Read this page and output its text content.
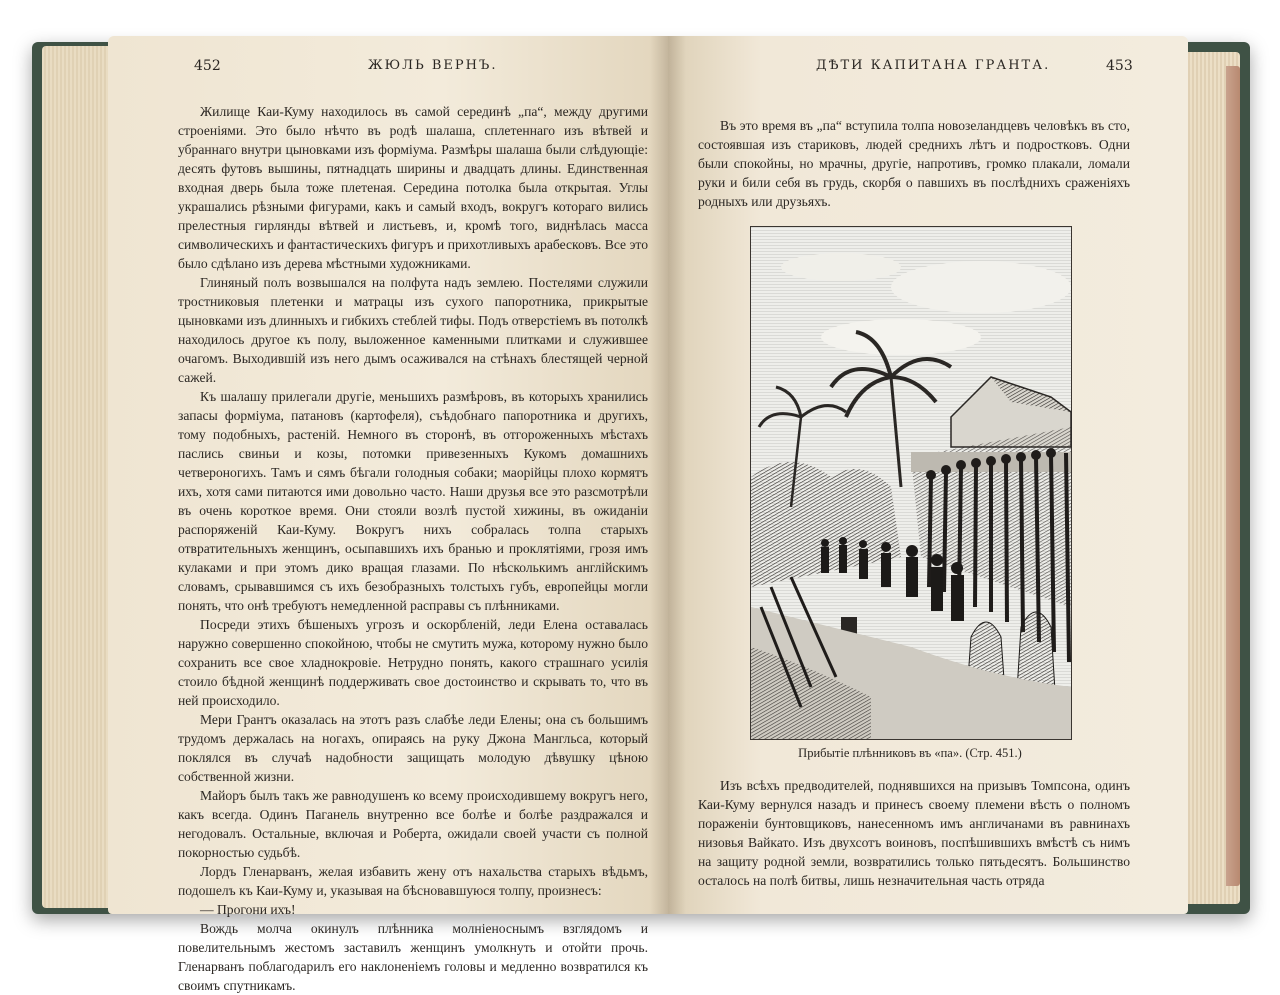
452	ЖЮЛЬ ВЕРНЪ.

Жилище Каи-Куму находилось въ самой серединѣ „па“, между другими строеніями. Это было нѣчто въ родѣ шалаша, сплетеннаго изъ вѣтвей и убраннаго внутри цыновками изъ форміума. Размѣры шалаша были слѣдующіе: десять футовъ вышины, пятнадцать ширины и двадцать длины. Единственная входная дверь была тоже плетеная. Середина потолка была открытая. Углы украшались рѣзными фигурами, какъ и самый входъ, вокругъ котораго вились прелестныя гирлянды вѣтвей и листьевъ, и, кромѣ того, виднѣлась масса символическихъ и фантастическихъ фигуръ и прихотливыхъ арабесковъ. Все это было сдѣлано изъ дерева мѣстными художниками.

Глиняный полъ возвышался на полфута надъ землею. Постелями служили тростниковыя плетенки и матрацы изъ сухого папоротника, прикрытые цыновками изъ длинныхъ и гибкихъ стеблей тифы. Подъ отверстіемъ въ потолкѣ находилось другое къ полу, выложенное каменными плитками и служившее очагомъ. Выходившій изъ него дымъ осаживался на стѣнахъ блестящей черной сажей.

Къ шалашу прилегали другіе, меньшихъ размѣровъ, въ которыхъ хранились запасы форміума, патановъ (картофеля), съѣдобнаго папоротника и другихъ, тому подобныхъ, растеній. Немного въ сторонѣ, въ отгороженныхъ мѣстахъ паслись свиньи и козы, потомки привезенныхъ Кукомъ домашнихъ четвероногихъ. Тамъ и сямъ бѣгали голодныя собаки; маорійцы плохо кормятъ ихъ, хотя сами питаются ими довольно часто. Наши друзья все это разсмотрѣли въ очень короткое время. Они стояли возлѣ пустой хижины, въ ожиданіи распоряженій Каи-Куму. Вокругъ нихъ собралась толпа старыхъ отвратительныхъ женщинъ, осыпавшихъ ихъ бранью и проклятіями, грозя имъ кулаками и при этомъ дико вращая глазами. По нѣсколькимъ англійскимъ словамъ, срывавшимся съ ихъ безобразныхъ толстыхъ губъ, европейцы могли понять, что онѣ требуютъ немедленной расправы съ плѣнниками.

Посреди этихъ бѣшеныхъ угрозъ и оскорбленій, леди Елена оставалась наружно совершенно спокойною, чтобы не смутить мужа, которому нужно было сохранить все свое хладнокровіе. Нетрудно понять, какого страшнаго усилія стоило бѣдной женщинѣ поддерживать свое достоинство и скрывать то, что въ ней происходило.

Мери Грантъ оказалась на этотъ разъ слабѣе леди Елены; она съ большимъ трудомъ держалась на ногахъ, опираясь на руку Джона Мангльса, который поклялся въ случаѣ надобности защищать молодую дѣвушку цѣною собственной жизни.

Майоръ былъ такъ же равнодушенъ ко всему происходившему вокругъ него, какъ всегда. Одинъ Паганель внутренно все болѣе и болѣе раздражался и негодовалъ. Остальные, включая и Роберта, ожидали своей участи съ полной покорностью судьбѣ.

Лордъ Гленарванъ, желая избавить жену отъ нахальства старыхъ вѣдьмъ, подошелъ къ Каи-Куму и, указывая на бѣсновавшуюся толпу, произнесъ:

— Прогони ихъ!

Вождь молча окинулъ плѣнника молніеноснымъ взглядомъ и повелительнымъ жестомъ заставилъ женщинъ умолкнуть и отойти прочь. Гленарванъ поблагодарилъ его наклоненіемъ головы и медленно возвратился къ своимъ спутникамъ.

ДѢТИ КАПИТАНА ГРАНТА.	453

Въ это время въ „па“ вступила толпа новозеландцевъ человѣкъ въ сто, состоявшая изъ стариковъ, людей среднихъ лѣтъ и подростковъ. Одни были спокойны, но мрачны, другіе, напротивъ, громко плакали, ломали руки и били себя въ грудь, скорбя о павшихъ въ послѣднихъ сраженіяхъ родныхъ или друзьяхъ.

Прибытіе плѣнниковъ въ «па». (Стр. 451.)

Изъ всѣхъ предводителей, поднявшихся на призывъ Томпсона, одинъ Каи-Куму вернулся назадъ и принесъ своему племени вѣсть о полномъ пораженіи бунтовщиковъ, нанесенномъ имъ англичанами въ равнинахъ низовья Вайкато. Изъ двухсотъ воиновъ, поспѣшившихъ вмѣстѣ съ нимъ на защиту родной земли, возвратились только пятьдесятъ. Большинство осталось на полѣ битвы, лишь незначительная часть отряда
